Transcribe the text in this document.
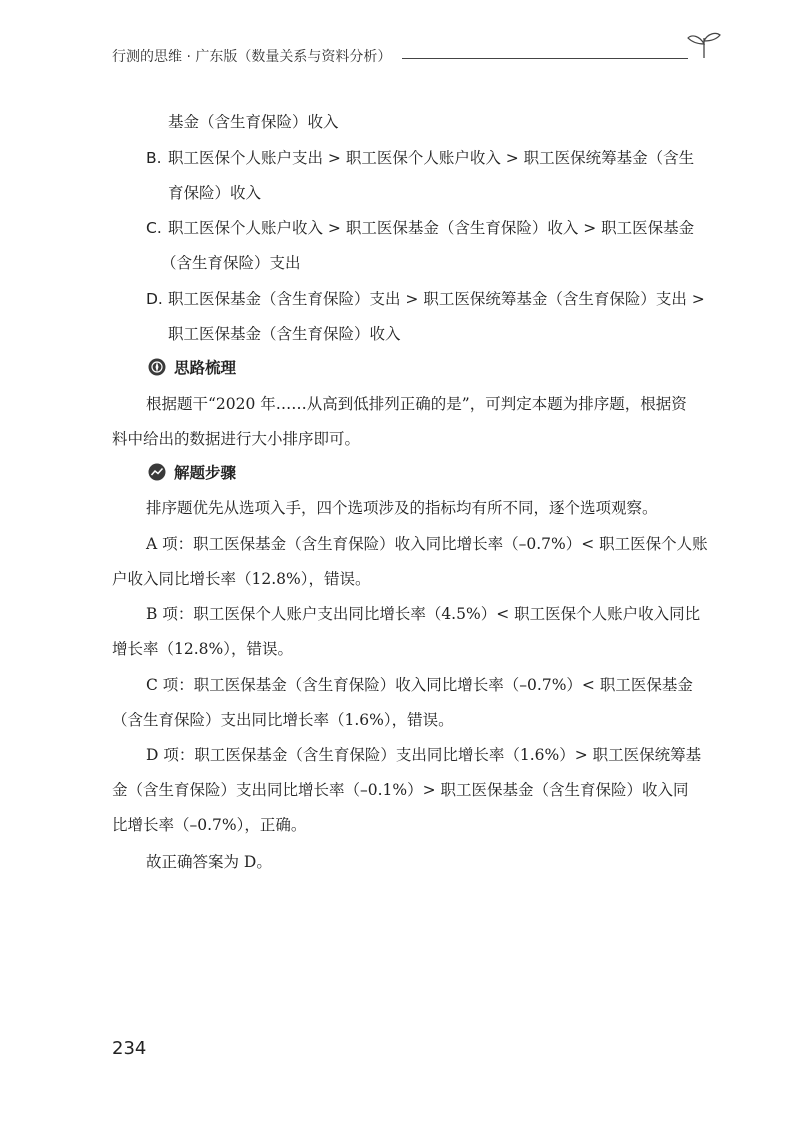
行测的思维 · 广东版（数量关系与资料分析）
基金（含生育保险）收入
B. 职工医保个人账户支出 > 职工医保个人账户收入 > 职工医保统筹基金（含生
育保险）收入
C. 职工医保个人账户收入 > 职工医保基金（含生育保险）收入 > 职工医保基金
（含生育保险）支出
D. 职工医保基金（含生育保险）支出 > 职工医保统筹基金（含生育保险）支出 >
职工医保基金（含生育保险）收入
思路梳理
根据题干“2020 年……从高到低排列正确的是”，可判定本题为排序题，根据资
料中给出的数据进行大小排序即可。
解题步骤
排序题优先从选项入手，四个选项涉及的指标均有所不同，逐个选项观察。
A 项：职工医保基金（含生育保险）收入同比增长率（–0.7%）< 职工医保个人账
户收入同比增长率（12.8%），错误。
B 项：职工医保个人账户支出同比增长率（4.5%）< 职工医保个人账户收入同比
增长率（12.8%），错误。
C 项：职工医保基金（含生育保险）收入同比增长率（–0.7%）< 职工医保基金
（含生育保险）支出同比增长率（1.6%），错误。
D 项：职工医保基金（含生育保险）支出同比增长率（1.6%）> 职工医保统筹基
金（含生育保险）支出同比增长率（–0.1%）> 职工医保基金（含生育保险）收入同
比增长率（–0.7%），正确。
故正确答案为 D。
234
